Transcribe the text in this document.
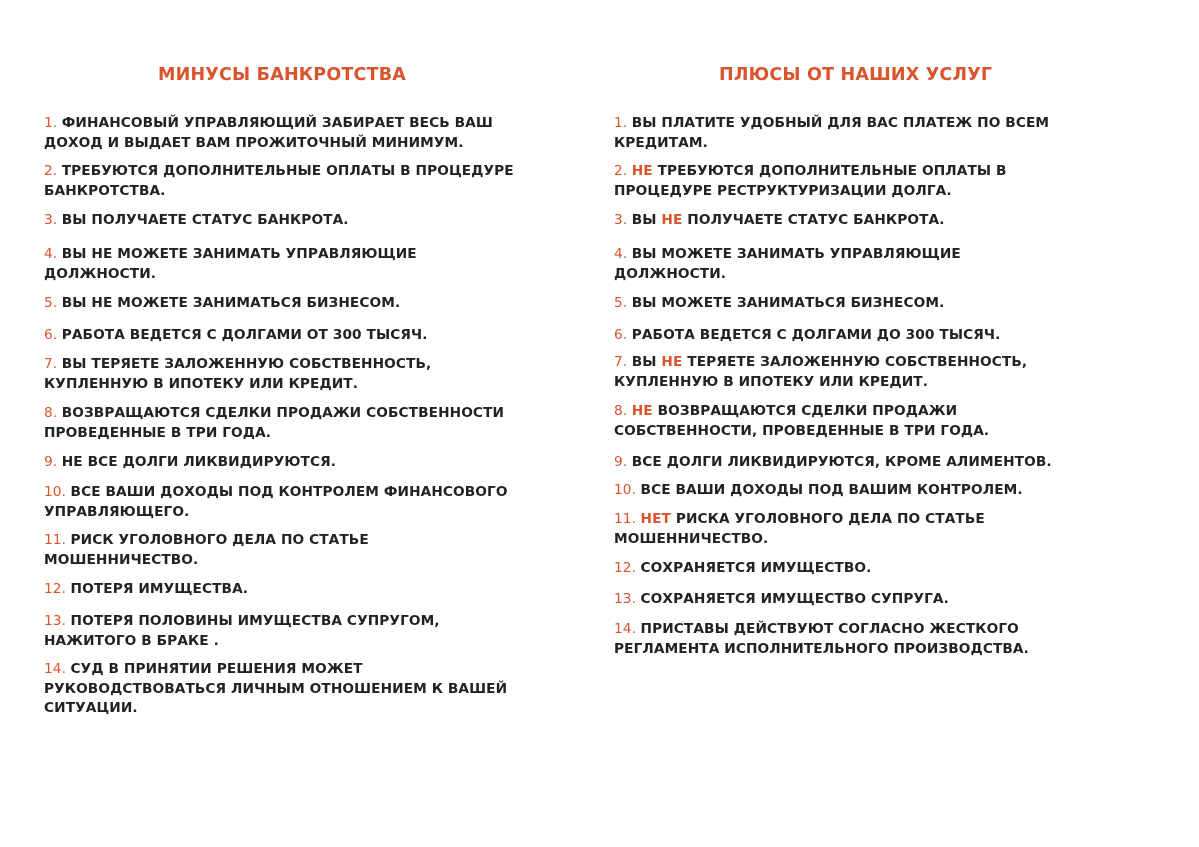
МИНУСЫ БАНКРОТСТВА
1. ФИНАНСОВЫЙ УПРАВЛЯЮЩИЙ ЗАБИРАЕТ ВЕСЬ ВАШ ДОХОД И ВЫДАЕТ ВАМ ПРОЖИТОЧНЫЙ МИНИМУМ.
2. ТРЕБУЮТСЯ ДОПОЛНИТЕЛЬНЫЕ ОПЛАТЫ В ПРОЦЕДУРЕ БАНКРОТСТВА.
3. ВЫ ПОЛУЧАЕТЕ СТАТУС БАНКРОТА.
4. ВЫ НЕ МОЖЕТЕ ЗАНИМАТЬ УПРАВЛЯЮЩИЕ ДОЛЖНОСТИ.
5. ВЫ НЕ МОЖЕТЕ ЗАНИМАТЬСЯ БИЗНЕСОМ.
6. РАБОТА ВЕДЕТСЯ С ДОЛГАМИ ОТ 300 ТЫСЯЧ.
7. ВЫ ТЕРЯЕТЕ ЗАЛОЖЕННУЮ СОБСТВЕННОСТЬ, КУПЛЕННУЮ В ИПОТЕКУ ИЛИ КРЕДИТ.
8. ВОЗВРАЩАЮТСЯ СДЕЛКИ ПРОДАЖИ СОБСТВЕННОСТИ ПРОВЕДЕННЫЕ В ТРИ ГОДА.
9. НЕ ВСЕ ДОЛГИ ЛИКВИДИРУЮТСЯ.
10. ВСЕ ВАШИ ДОХОДЫ ПОД КОНТРОЛЕМ ФИНАНСОВОГО УПРАВЛЯЮЩЕГО.
11. РИСК УГОЛОВНОГО ДЕЛА ПО СТАТЬЕ МОШЕННИЧЕСТВО.
12. ПОТЕРЯ ИМУЩЕСТВА.
13. ПОТЕРЯ ПОЛОВИНЫ ИМУЩЕСТВА СУПРУГОМ, НАЖИТОГО В БРАКЕ .
14. СУД В ПРИНЯТИИ РЕШЕНИЯ МОЖЕТ РУКОВОДСТВОВАТЬСЯ ЛИЧНЫМ ОТНОШЕНИЕМ К ВАШЕЙ СИТУАЦИИ.
ПЛЮСЫ ОТ НАШИХ УСЛУГ
1. ВЫ ПЛАТИТЕ УДОБНЫЙ ДЛЯ ВАС ПЛАТЕЖ ПО ВСЕМ КРЕДИТАМ.
2. НЕ ТРЕБУЮТСЯ ДОПОЛНИТЕЛЬНЫЕ ОПЛАТЫ В ПРОЦЕДУРЕ РЕСТРУКТУРИЗАЦИИ ДОЛГА.
3. ВЫ НЕ ПОЛУЧАЕТЕ СТАТУС БАНКРОТА.
4. ВЫ МОЖЕТЕ ЗАНИМАТЬ УПРАВЛЯЮЩИЕ ДОЛЖНОСТИ.
5. ВЫ МОЖЕТЕ ЗАНИМАТЬСЯ БИЗНЕСОМ.
6. РАБОТА ВЕДЕТСЯ С ДОЛГАМИ ДО 300 ТЫСЯЧ.
7. ВЫ НЕ ТЕРЯЕТЕ ЗАЛОЖЕННУЮ СОБСТВЕННОСТЬ, КУПЛЕННУЮ В ИПОТЕКУ ИЛИ КРЕДИТ.
8. НЕ ВОЗВРАЩАЮТСЯ СДЕЛКИ ПРОДАЖИ СОБСТВЕННОСТИ, ПРОВЕДЕННЫЕ В ТРИ ГОДА.
9. ВСЕ ДОЛГИ ЛИКВИДИРУЮТСЯ, КРОМЕ АЛИМЕНТОВ.
10. ВСЕ ВАШИ ДОХОДЫ ПОД ВАШИМ КОНТРОЛЕМ.
11. НЕТ РИСКА УГОЛОВНОГО ДЕЛА ПО СТАТЬЕ МОШЕННИЧЕСТВО.
12. СОХРАНЯЕТСЯ ИМУЩЕСТВО.
13. СОХРАНЯЕТСЯ ИМУЩЕСТВО СУПРУГА.
14. ПРИСТАВЫ ДЕЙСТВУЮТ СОГЛАСНО ЖЕСТКОГО РЕГЛАМЕНТА ИСПОЛНИТЕЛЬНОГО ПРОИЗВОДСТВА.
